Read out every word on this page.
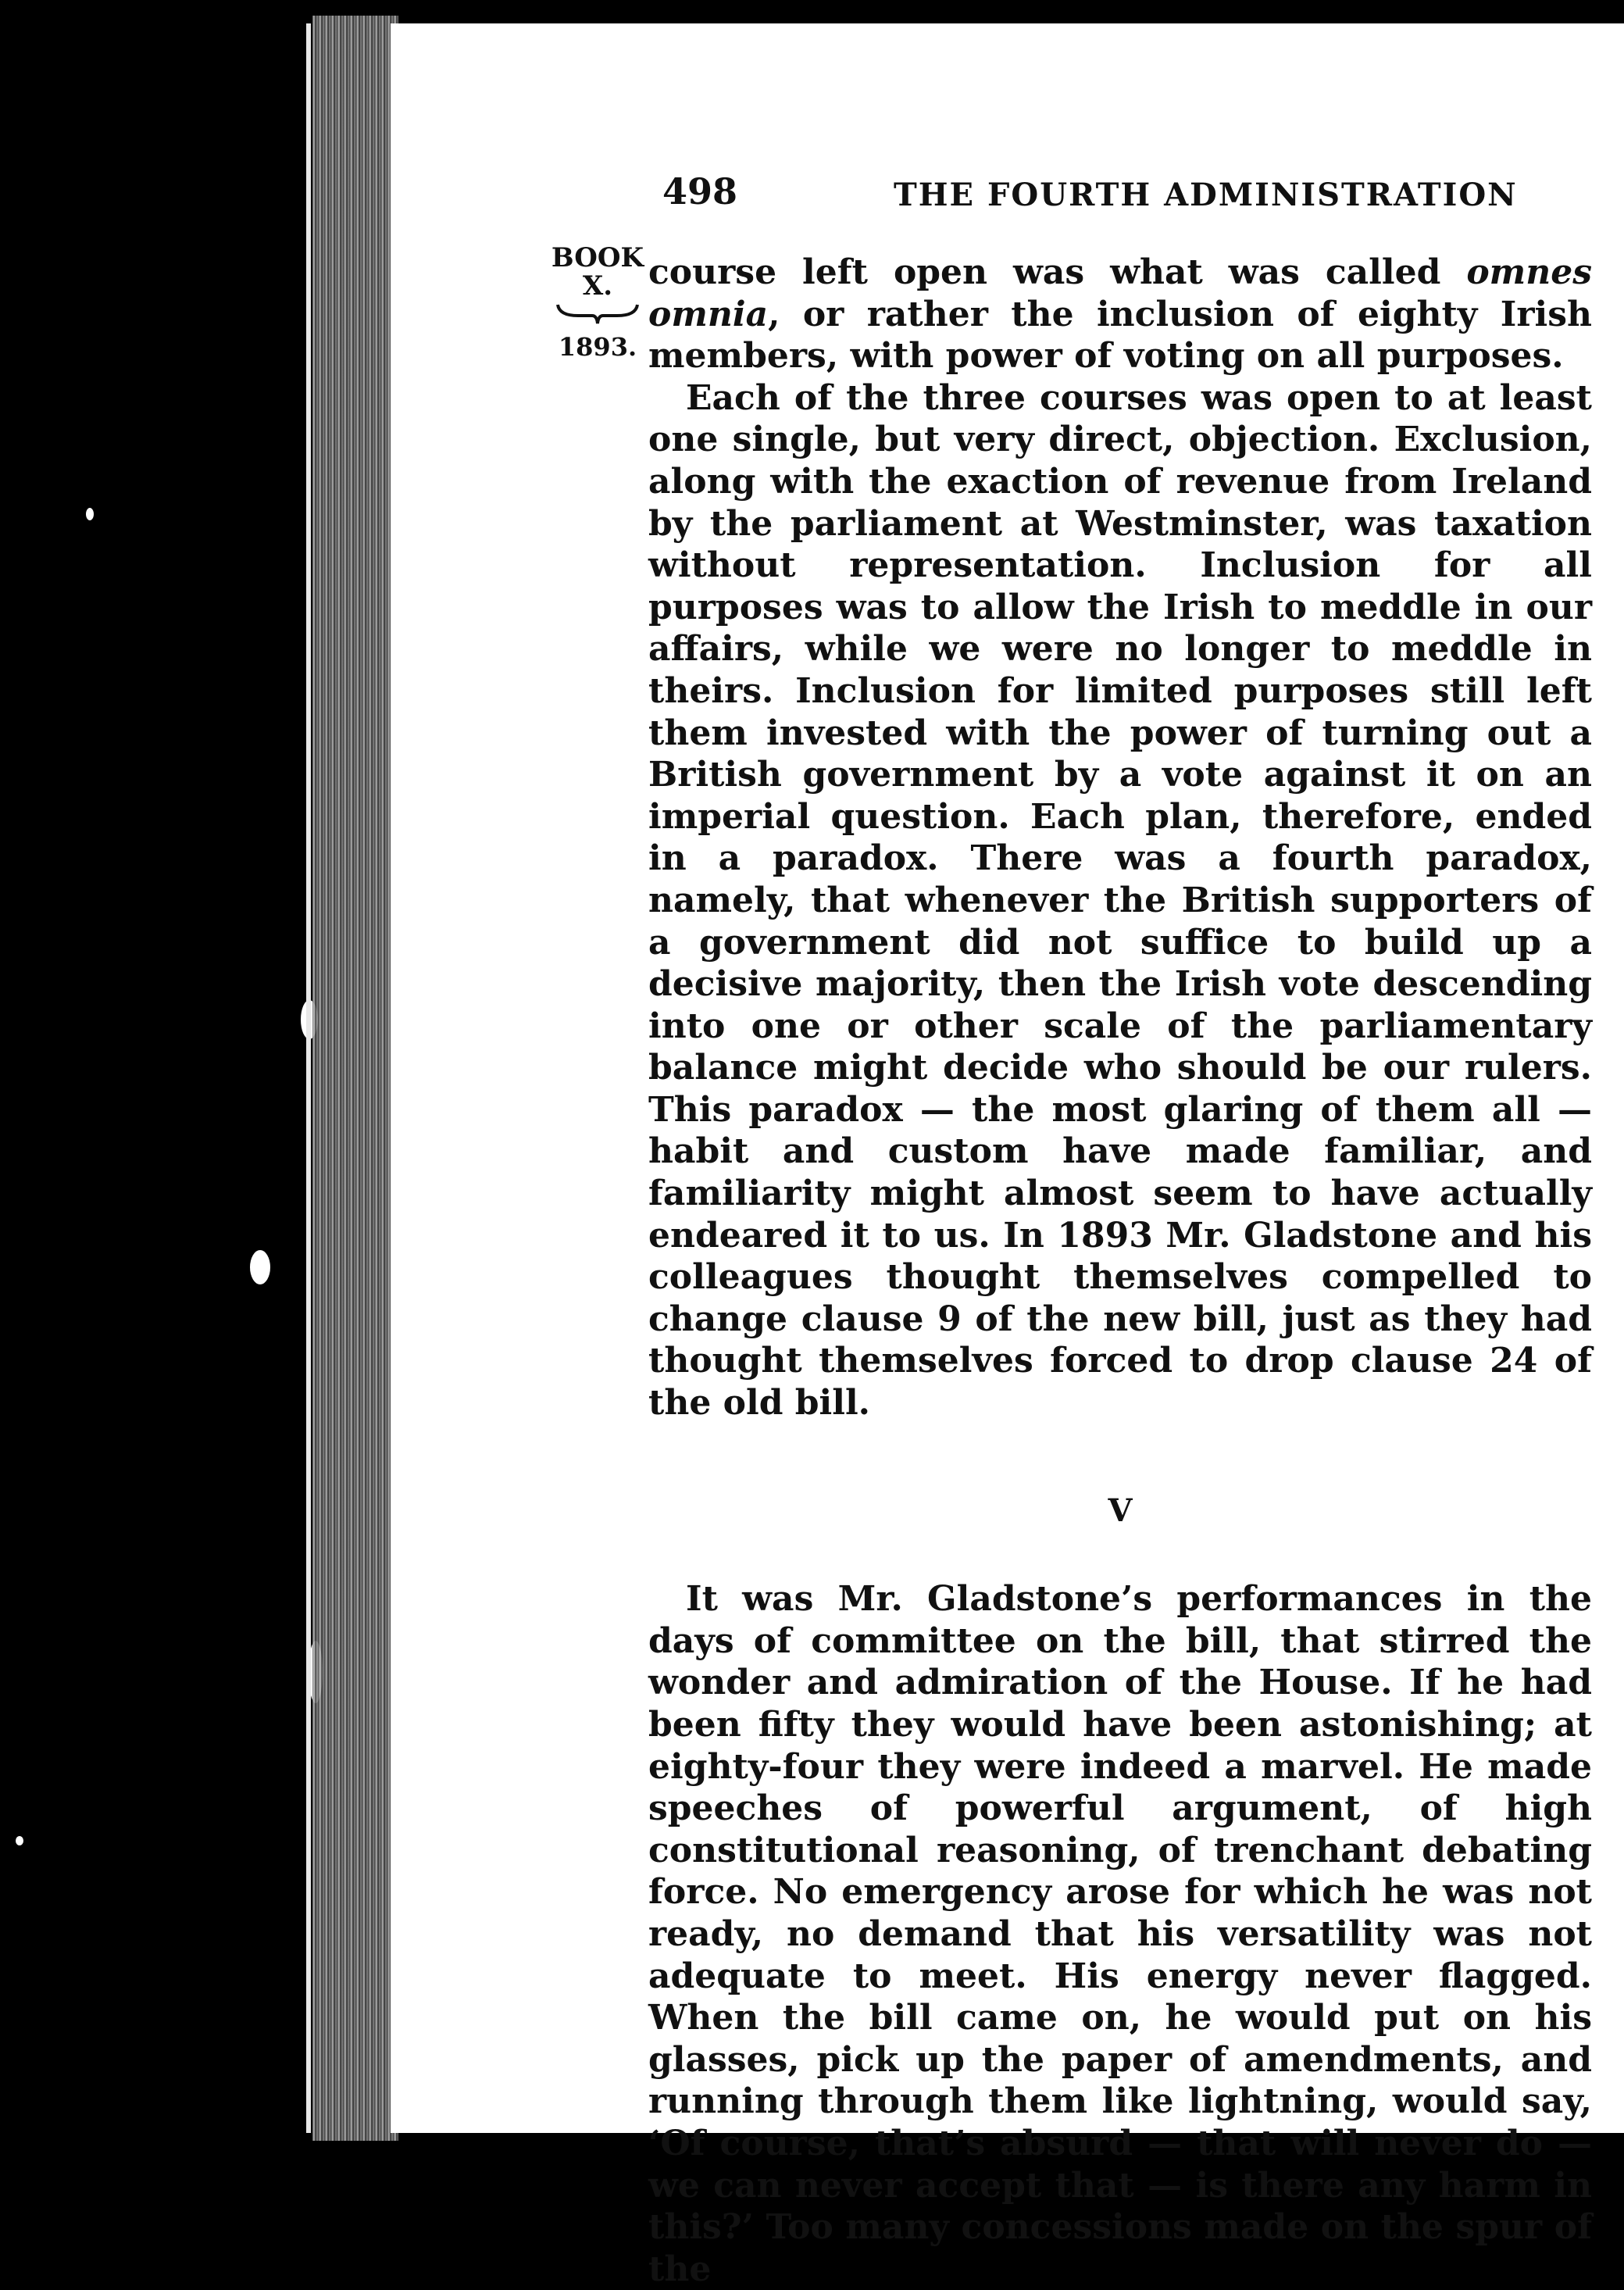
498	THE FOURTH ADMINISTRATION
BOOK
X.
1893.

course left open was what was called omnes omnia, or rather the inclusion of eighty Irish members, with power of voting on all purposes.

Each of the three courses was open to at least one single, but very direct, objection. Exclusion, along with the exaction of revenue from Ireland by the parliament at Westminster, was taxation without representation. Inclusion for all purposes was to allow the Irish to meddle in our affairs, while we were no longer to meddle in theirs. Inclusion for limited purposes still left them invested with the power of turning out a British government by a vote against it on an imperial question. Each plan, therefore, ended in a paradox. There was a fourth paradox, namely, that whenever the British supporters of a government did not suffice to build up a decisive majority, then the Irish vote descending into one or other scale of the parliamentary balance might decide who should be our rulers. This paradox — the most glaring of them all — habit and custom have made familiar, and familiarity might almost seem to have actually endeared it to us. In 1893 Mr. Gladstone and his colleagues thought themselves compelled to change clause 9 of the new bill, just as they had thought themselves forced to drop clause 24 of the old bill.

V

It was Mr. Gladstone’s performances in the days of committee on the bill, that stirred the wonder and admiration of the House. If he had been fifty they would have been astonishing; at eighty-four they were indeed a marvel. He made speeches of powerful argument, of high constitutional reasoning, of trenchant debating force. No emergency arose for which he was not ready, no demand that his versatility was not adequate to meet. His energy never flagged. When the bill came on, he would put on his glasses, pick up the paper of amendments, and running through them like lightning, would say, ‘Of course, that’s absurd — that will never do — we can never accept that — is there any harm in this?’ Too many concessions made on the spur of the
